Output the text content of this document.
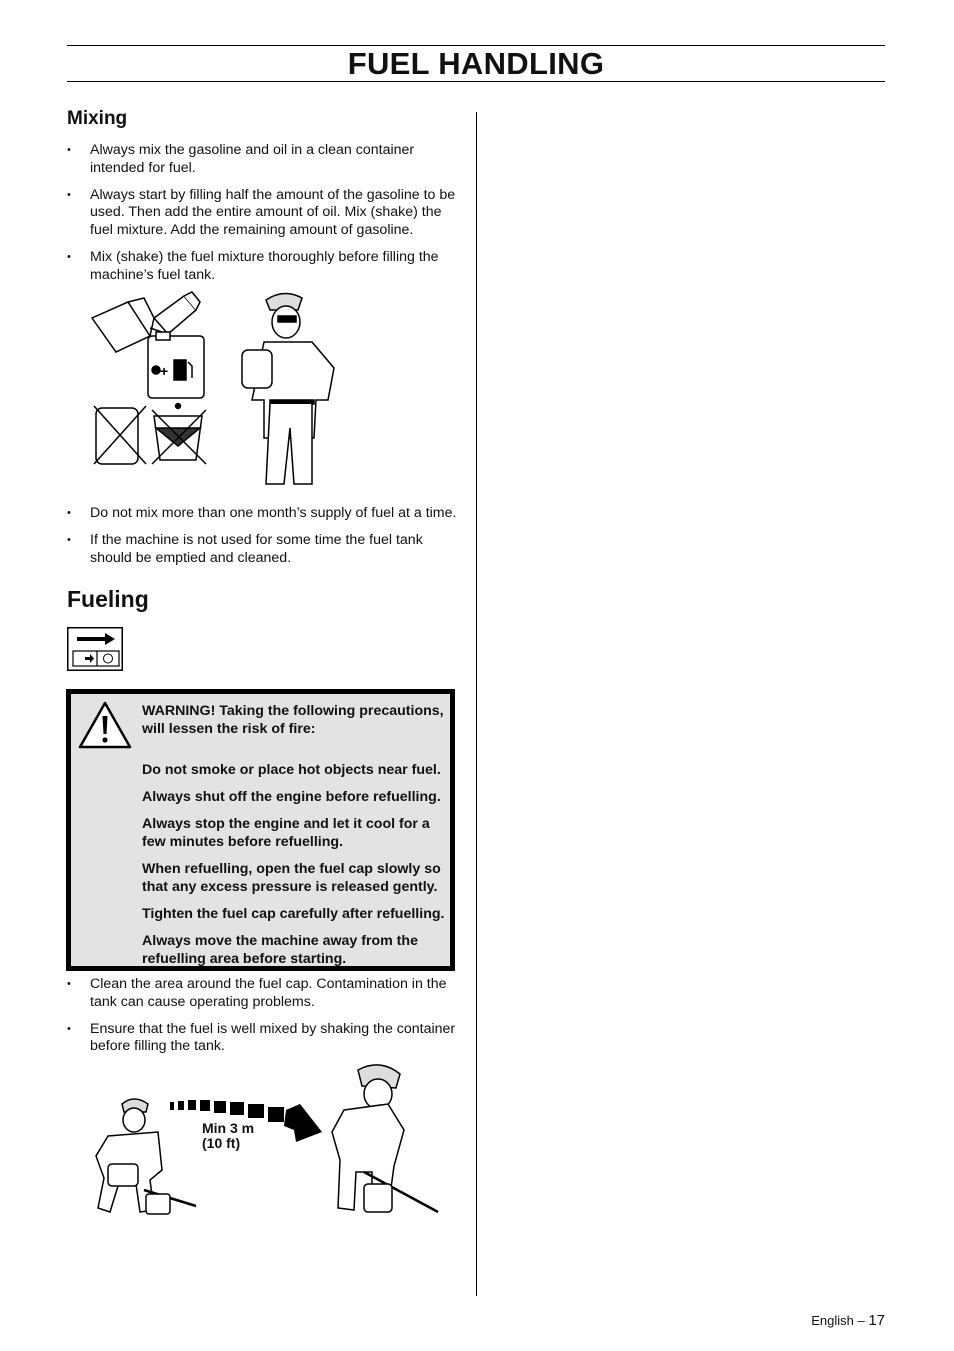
FUEL HANDLING
Mixing
• Always mix the gasoline and oil in a clean container intended for fuel.
• Always start by filling half the amount of the gasoline to be used. Then add the entire amount of oil. Mix (shake) the fuel mixture. Add the remaining amount of gasoline.
• Mix (shake) the fuel mixture thoroughly before filling the machine’s fuel tank.
+
• Do not mix more than one month’s supply of fuel at a time.
• If the machine is not used for some time the fuel tank should be emptied and cleaned.
Fueling

WARNING! Taking the following precautions, will lessen the risk of fire:

Do not smoke or place hot objects near fuel.

Always shut off the engine before refuelling.

Always stop the engine and let it cool for a few minutes before refuelling.

When refuelling, open the fuel cap slowly so that any excess pressure is released gently.

Tighten the fuel cap carefully after refuelling.

Always move the machine away from the refuelling area before starting.

• Clean the area around the fuel cap. Contamination in the tank can cause operating problems.
• Ensure that the fuel is well mixed by shaking the container before filling the tank.
Min 3 m
(10 ft)
English – 17
